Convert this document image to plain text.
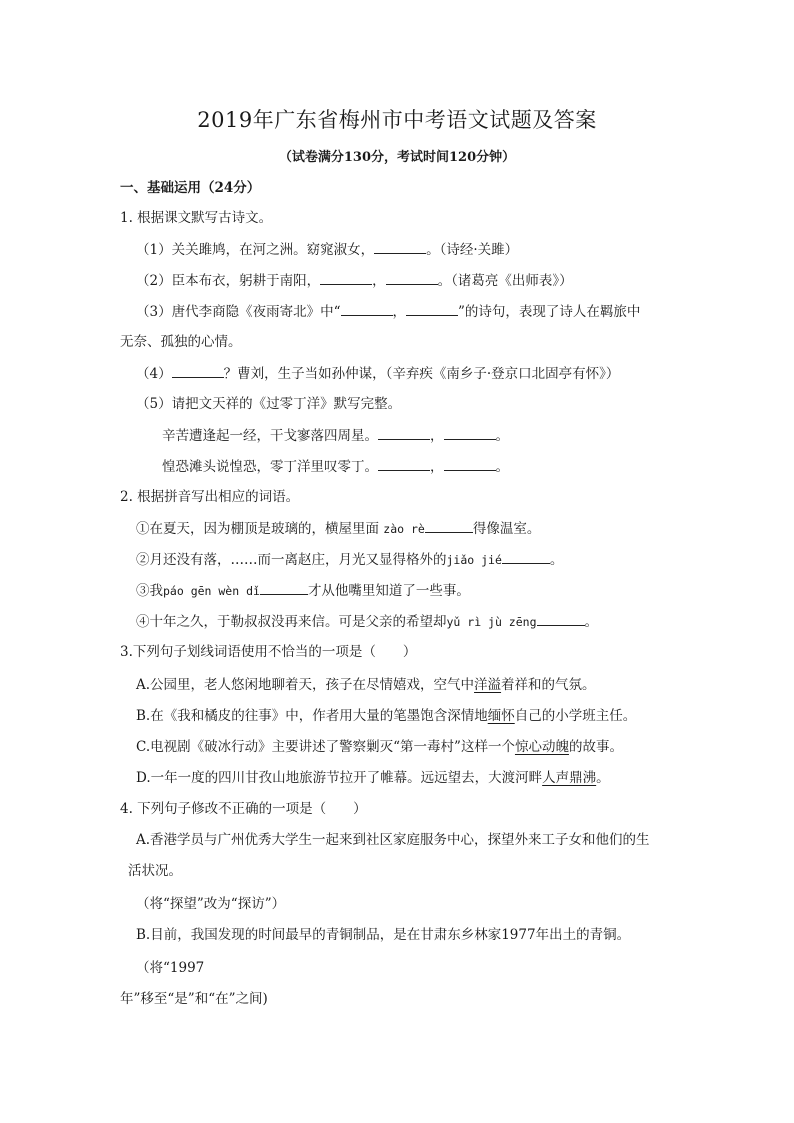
2019年广东省梅州市中考语文试题及答案
（试卷满分130分，考试时间120分钟）
一、基础运用（24分）
1. 根据课文默写古诗文。
（1）关关雎鸠，在河之洲。窈窕淑女，	。（诗经·关雎）
（2）臣本布衣，躬耕于南阳，	，	。（诸葛亮《出师表》）
（3）唐代李商隐《夜雨寄北》中“	，	”的诗句，表现了诗人在羁旅中
无奈、孤独的心情。
（4）	？曹刘，生子当如孙仲谋，（辛弃疾《南乡子·登京口北固亭有怀》）
（5）请把文天祥的《过零丁洋》默写完整。
辛苦遭逢起一经，干戈寥落四周星。	，	。
惶恐滩头说惶恐，零丁洋里叹零丁。	，	。
2. 根据拼音写出相应的词语。
①在夏天，因为棚顶是玻璃的，横屋里面 zào rè	得像温室。
②月还没有落，……而一离赵庄，月光又显得格外的jiǎo jié	。
③我páo gēn wèn dǐ	才从他嘴里知道了一些事。
④十年之久，于勒叔叔没再来信。可是父亲的希望却yǔ rì jù zēng	。
3.下列句子划线词语使用不恰当的一项是（　　）
A.公园里，老人悠闲地聊着天，孩子在尽情嬉戏，空气中洋溢着祥和的气氛。
B.在《我和橘皮的往事》中，作者用大量的笔墨饱含深情地缅怀自己的小学班主任。
C.电视剧《破冰行动》主要讲述了警察剿灭“第一毒村”这样一个惊心动魄的故事。
D.一年一度的四川甘孜山地旅游节拉开了帷幕。远远望去，大渡河畔人声鼎沸。
4. 下列句子修改不正确的一项是（　　）
A.香港学员与广州优秀大学生一起来到社区家庭服务中心，探望外来工子女和他们的生
活状况。
（将“探望”改为“探访”）
B.目前，我国发现的时间最早的青铜制品，是在甘肃东乡林家1977年出土的青铜。
（将“1997
年”移至“是”和“在”之间)
